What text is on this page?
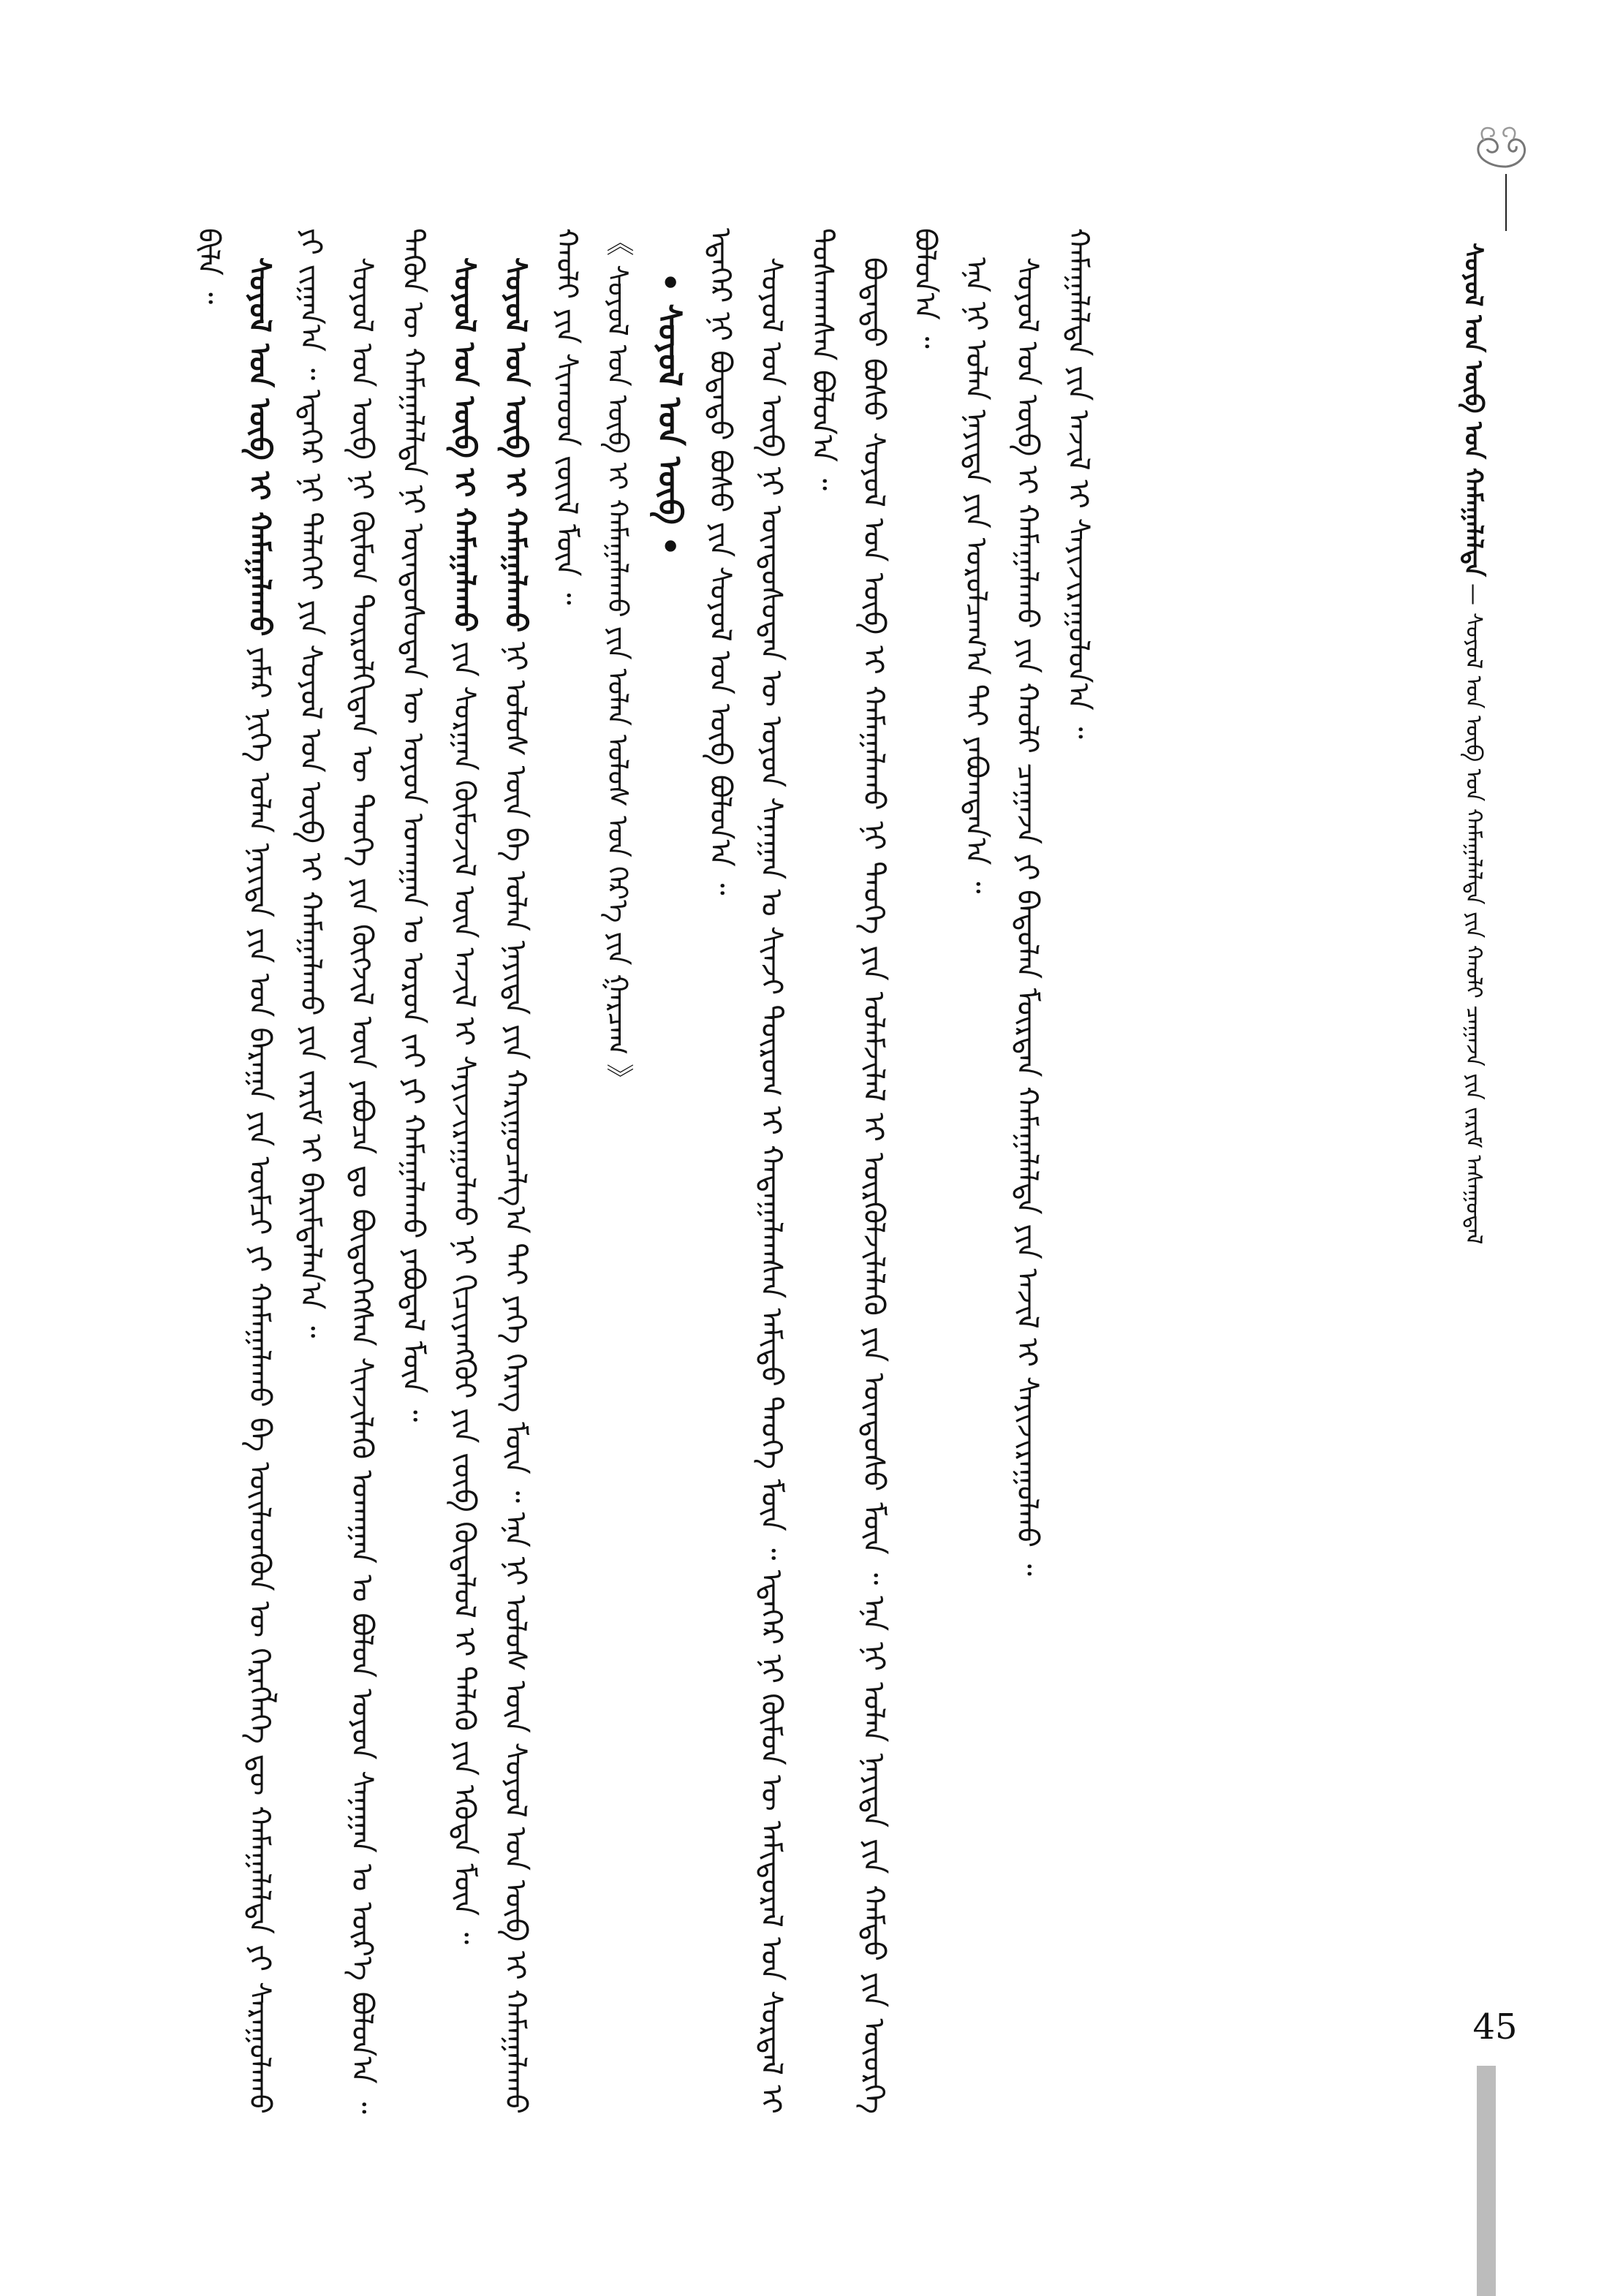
ᠰᠣᠶᠣᠯ ᠤᠨ ᠥᠪ ᠤᠨ ᠬᠠᠮᠠᠭᠠᠯᠠᠯᠲᠠ — ᠰᠣᠶᠣᠯ ᠤᠨ ᠥᠪ ᠤᠨ ᠬᠠᠮᠠᠭᠠᠯᠠᠯᠲᠠ ᠶᠢᠨ ᠬᠠᠤᠯᠢ ᠴᠠᠭᠠᠵᠠ ᠶᠢᠨ ᠵᠠᠷᠢᠮ ᠠᠰᠠᠭᠤᠳᠠᠯ

ᠪᠢᠯᠡ ᠃ ᠰᠣᠶᠣᠯ ᠤᠨ ᠥᠪ ᠢ ᠬᠠᠮᠠᠭᠠᠯᠠᠬᠤ ᠶᠠᠮᠠᠷ ᠨᠢᠭᠡ ᠣᠯᠠᠨ ᠨᠡᠶᠢᠲᠡ ᠶᠢᠨ ᠡᠳ ᠪᠠᠷᠠᠭᠠ ᠶᠢᠨ ᠥᠮᠴᠢ ᠶᠢ ᠬᠠᠮᠠᠭᠠᠯᠠᠬᠤ ᠪᠠ ᠦᠢᠯᠡᠳᠬᠦᠨ ᠦ ᠬᠡᠷᠡᠭᠯᠡᠭᠡ ᠳᠦ ᠬᠠᠮᠠᠭᠠᠯᠠᠯᠲᠠ ᠶᠢ ᠰᠠᠷᠠᠭᠤᠯᠠᠬᠤ ᠶᠢ ᠵᠢᠭᠠᠨ᠎ᠠ ᠃ ᠡᠳᠡᠭᠡᠷ ᠨᠢ ᠳᠡᠯᠡᠬᠡᠢ ᠶᠢᠨ ᠰᠣᠶᠣᠯ ᠤᠨ ᠥᠪ ᠢ ᠬᠠᠮᠠᠭᠠᠯᠠᠬᠤ ᠶᠢᠨ ᠵᠠᠷᠢᠮ ᠢ ᠪᠠᠷᠢᠮᠲᠠᠯᠠᠨ᠎ᠠ ᠃ ᠰᠣᠶᠣᠯ ᠤᠨ ᠥᠪ ᠨᠢ ᠬᠦᠮᠦᠨ ᠲᠥᠷᠥᠯᠬᠢᠲᠡᠨ ᠦ ᠲᠡᠦᠬᠡ ᠶᠢᠨ ᠬᠥᠭᠵᠢᠯ ᠦᠨ ᠶᠠᠪᠤᠴᠠ ᠳᠤ ᠪᠦᠲᠦᠭᠡᠭᠰᠡᠨ ᠰᠢᠨᠵᠢᠯᠡᠬᠦ ᠤᠬᠠᠭᠠᠨ ᠤ ᠪᠣᠯᠤᠨ ᠣᠶᠤᠨ ᠰᠠᠨᠠᠭᠠᠨ ᠤ ᠦᠷ᠎ᠡ ᠪᠣᠯᠤᠨ᠎ᠠ ᠃ ᠲᠡᠭᠦᠨ ᠦ ᠬᠠᠮᠠᠭᠠᠯᠠᠯᠲᠠ ᠨᠢ ᠦᠨᠳᠦᠰᠦᠲᠡᠨ ᠦ ᠣᠶᠤᠨ ᠤᠬᠠᠭᠠᠨ ᠤ ᠣᠷᠤᠨ ᠵᠠᠢ ᠶᠢ ᠬᠠᠮᠠᠭᠠᠯᠠᠬᠤ ᠶᠠᠪᠤᠳᠠᠯ ᠮᠥᠨ ᠃ ᠰᠣᠶᠣᠯ ᠤᠨ ᠥᠪ ᠢ ᠬᠠᠮᠠᠭᠠᠯᠠᠬᠤ ᠶᠢᠨ ᠰᠤᠷᠭᠠᠨ ᠬᠥᠮᠦᠵᠢᠯ ᠦᠨ ᠠᠵᠢᠯ ᠢ ᠰᠠᠶᠢᠵᠢᠷᠠᠭᠤᠯᠬᠤ ᠨᠢ ᠬᠢᠴᠢᠶᠡᠩᠭᠦᠢ ᠶᠢᠨ ᠵᠥᠪ ᠬᠥᠳᠡᠯᠦᠯ ᠢ ᠲᠡᠯᠡᠬᠦ ᠶᠢᠨ ᠡᠭᠦᠳᠡ ᠮᠥᠨ ᠃

ᠰᠣᠶᠣᠯ ᠤᠨ ᠥᠪ ᠢ ᠬᠠᠮᠠᠭᠠᠯᠠᠬᠤ ᠨᠢ ᠤᠯᠤᠰ ᠦᠨ ᠪᠠ ᠣᠯᠠᠨ ᠨᠡᠶᠢᠲᠡ ᠶᠢᠨ ᠬᠠᠷᠢᠭᠤᠴᠠᠯᠭ᠎ᠠ ᠲᠠᠢ ᠶᠡᠬᠡ ᠬᠡᠷᠡᠭ ᠮᠥᠨ ᠃ ᠡᠨᠡ ᠨᠢ ᠤᠯᠤᠰ ᠦᠨ ᠰᠣᠶᠣᠯ ᠤᠨ ᠥᠪ ᠢ ᠬᠠᠮᠠᠭᠠᠯᠠᠬᠤ ᠬᠠᠤᠯᠢ ᠶᠢᠨ ᠰᠢᠬᠤᠳ ᠵᠦᠢᠯ ᠮᠥᠨ ᠃ 《 ᠰᠣᠶᠣᠯ ᠤᠨ ᠥᠪ ᠢ ᠬᠠᠮᠠᠭᠠᠯᠠᠬᠤ ᠶᠢᠨ ᠣᠯᠠᠨ ᠤᠯᠤᠰ ᠤᠨ ᠭᠡᠷ᠎ᠡ ᠶᠢᠨ ᠭᠠᠷᠴᠠᠭ 》 • ᠰᠣᠶᠣᠯ ᠤᠨ ᠥᠪ • ᠡᠳᠡᠭᠡᠷ ᠨᠢ ᠪᠣᠳᠠᠲᠤ ᠪᠤᠰᠤ ᠶᠢᠨ ᠰᠣᠶᠣᠯ ᠤᠨ ᠥᠪ ᠪᠣᠯᠤᠨ᠎ᠠ ᠃ ᠰᠣᠶᠣᠯ ᠤᠨ ᠥᠪ ᠨᠢ ᠦᠨᠳᠦᠰᠦᠲᠡᠨ ᠦ ᠣᠶᠤᠨ ᠰᠠᠨᠠᠭᠠᠨ ᠤ ᠰᠢᠨᠵᠢ ᠲᠥᠷᠦᠬ ᠢ ᠬᠠᠳᠠᠭᠠᠯᠠᠭᠰᠠᠨ ᠠᠮᠢᠳᠤ ᠲᠡᠦᠬᠡ ᠮᠥᠨ ᠃ ᠡᠳᠡᠭᠡᠷ ᠨᠢ ᠬᠦᠮᠦᠨ ᠦ ᠠᠮᠢᠳᠤᠷᠠᠯ ᠤᠨ ᠰᠤᠷᠳᠠᠯ ᠢ ᠲᠤᠰᠬᠠᠭᠰᠠᠨ ᠪᠣᠯᠤᠨ᠎ᠠ ᠃ ᠪᠣᠳᠠᠲᠤ ᠪᠤᠰᠤ ᠰᠣᠶᠣᠯ ᠤᠨ ᠥᠪ ᠢ ᠬᠠᠮᠠᠭᠠᠯᠠᠬᠤ ᠨᠢ ᠲᠡᠦᠬᠡ ᠶᠢᠨ ᠤᠯᠠᠮᠵᠢᠯᠠᠯ ᠢ ᠦᠷᠭᠦᠯᠵᠢᠯᠡᠯᠡᠬᠦ ᠶᠢᠨ ᠦᠨᠳᠦᠰᠦ ᠮᠥᠨ ᠃ ᠡᠨᠡ ᠨᠢ ᠣᠯᠠᠨ ᠨᠡᠶᠢᠲᠡ ᠶᠢᠨ ᠬᠠᠮᠲᠤ ᠶᠢᠨ ᠦᠦᠷᠭᠡ ᠪᠣᠯᠤᠨ᠎ᠠ ᠃ ᠡᠨᠡ ᠨᠢ ᠣᠯᠠᠨ ᠨᠡᠶᠢᠲᠡ ᠶᠢᠨ ᠣᠷᠤᠯᠴᠠᠭ᠎ᠠ ᠲᠠᠢ ᠶᠠᠪᠤᠭᠳᠠᠨ᠎ᠠ ᠃ ᠰᠣᠶᠣᠯ ᠤᠨ ᠥᠪ ᠢ ᠬᠠᠮᠠᠭᠠᠯᠠᠬᠤ ᠶᠢᠨ ᠬᠠᠤᠯᠢ ᠴᠠᠭᠠᠵᠠ ᠶᠢ ᠪᠠᠲᠤᠯᠠᠨ ᠮᠥᠷᠳᠡᠨ ᠬᠠᠮᠠᠭᠠᠯᠠᠯᠲᠠ ᠶᠢᠨ ᠠᠵᠢᠯ ᠢ ᠰᠠᠶᠢᠵᠢᠷᠠᠭᠤᠯᠬᠤ ᠃ ᠬᠠᠮᠠᠭᠠᠯᠠᠯᠲᠠ ᠶᠢᠨ ᠠᠵᠢᠯ ᠢ ᠰᠠᠶᠢᠵᠢᠷᠠᠭᠤᠯᠤᠨ᠎ᠠ ᠃

45
